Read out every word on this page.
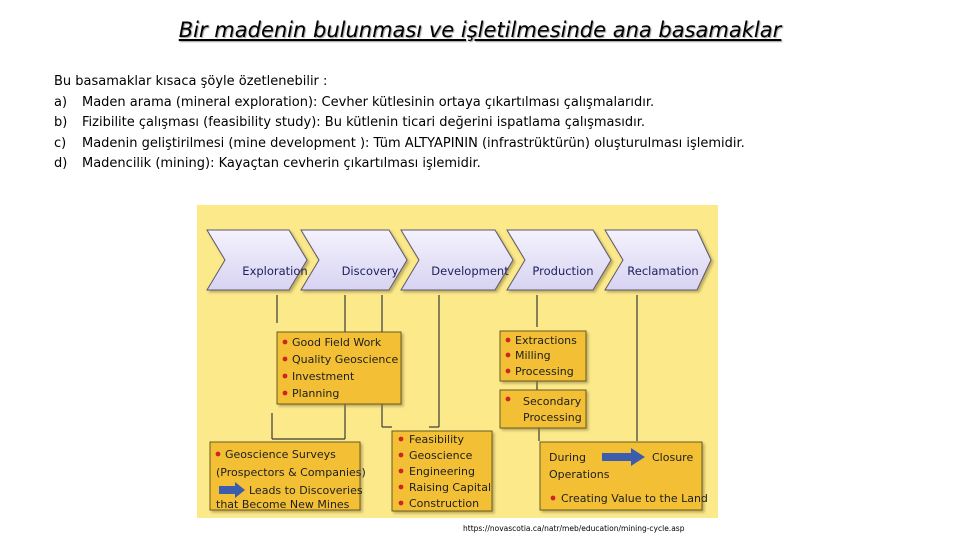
Bir madenin bulunması ve işletilmesinde ana basamaklar
Bu basamaklar kısaca şöyle özetlenebilir :
a) Maden arama (mineral exploration): Cevher kütlesinin ortaya çıkartılması çalışmalarıdır.
b) Fizibilite çalışması (feasibility study): Bu kütlenin ticari değerini ispatlama çalışmasıdır.
c) Madenin geliştirilmesi (mine development ): Tüm ALTYAPININ (infrastrüktürün) oluşturulması işlemidir.
d) Madencilik (mining): Kayaçtan cevherin çıkartılması işlemidir.
Exploration	Discovery	Development Production	Reclamation
Good Field Work
Quality Geoscience
Investment
Planning
Extractions
Milling
Processing
Secondary
Processing
Geoscience Surveys
(Prospectors & Companies)
Leads to Discoveries
that Become New Mines
Feasibility
Geoscience
Engineering
Raising Capital
Construction
During
Operations
Closure
Creating Value to the Land
https://novascotia.ca/natr/meb/education/mining-cycle.asp
